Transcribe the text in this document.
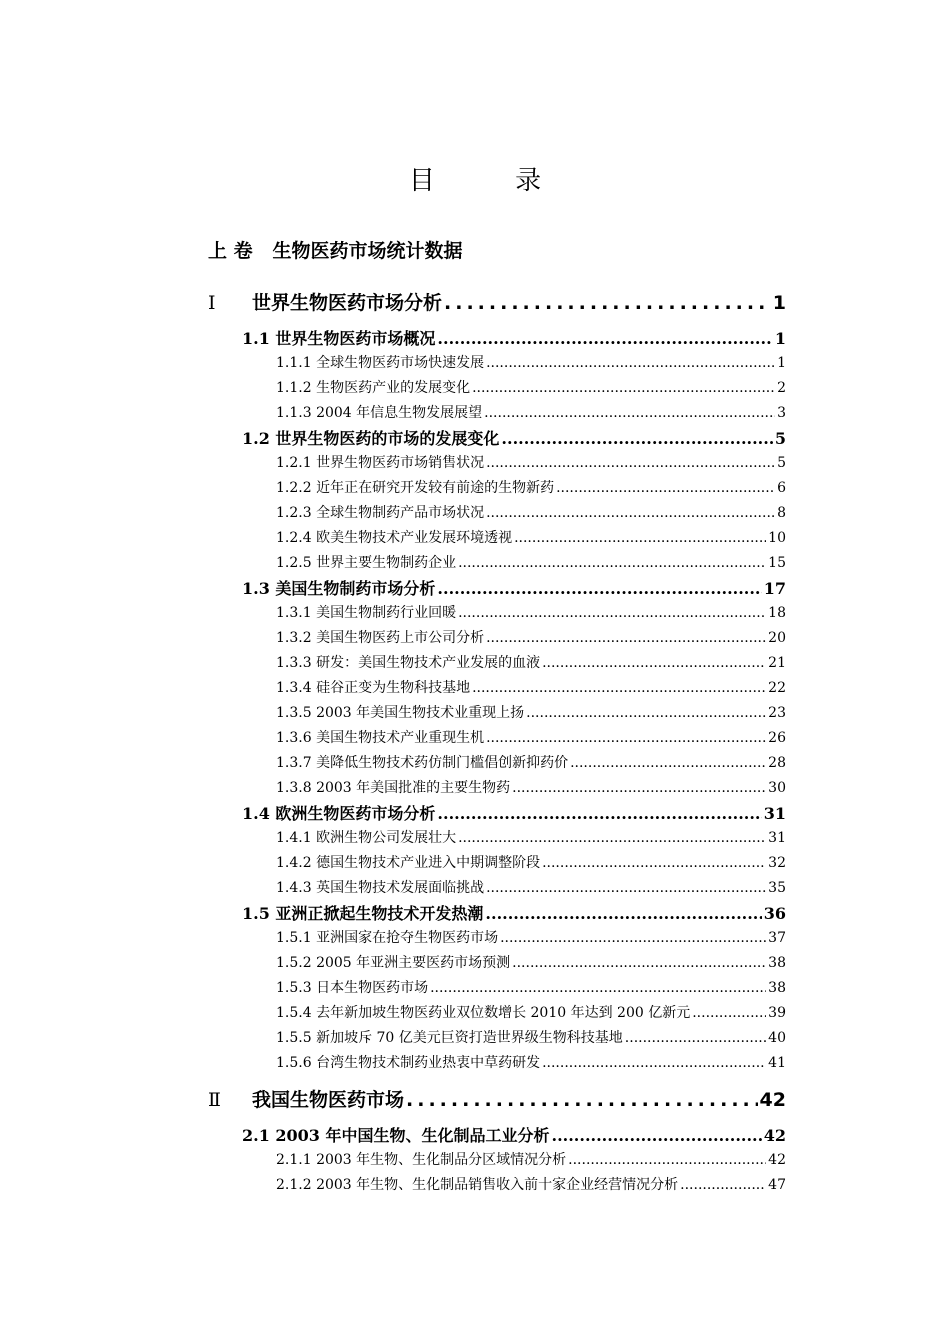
目 录
上 卷   生物医药市场统计数据
Ⅰ 世界生物医药市场分析 .....	1
1.1 世界生物医药市场概况 .....	1
1.1.1 全球生物医药市场快速发展 .....	1
1.1.2 生物医药产业的发展变化 .....	2
1.1.3 2004 年信息生物发展展望 .....	3
1.2 世界生物医药的市场的发展变化 .....	5
1.2.1 世界生物医药市场销售状况 .....	5
1.2.2 近年正在研究开发较有前途的生物新药 .....	6
1.2.3 全球生物制药产品市场状况 .....	8
1.2.4 欧美生物技术产业发展环境透视 .....	10
1.2.5 世界主要生物制药企业 .....	15
1.3 美国生物制药市场分析 .....	17
1.3.1 美国生物制药行业回暖 .....	18
1.3.2 美国生物医药上市公司分析 .....	20
1.3.3 研发：美国生物技术产业发展的血液 .....	21
1.3.4 硅谷正变为生物科技基地 .....	22
1.3.5 2003 年美国生物技术业重现上扬 .....	23
1.3.6 美国生物技术产业重现生机 .....	26
1.3.7 美降低生物技术药仿制门槛倡创新抑药价 .....	28
1.3.8 2003 年美国批准的主要生物药 .....	30
1.4 欧洲生物医药市场分析 .....	31
1.4.1 欧洲生物公司发展壮大 .....	31
1.4.2 德国生物技术产业进入中期调整阶段 .....	32
1.4.3 英国生物技术发展面临挑战 .....	35
1.5 亚洲正掀起生物技术开发热潮 .....	36
1.5.1 亚洲国家在抢夺生物医药市场 .....	37
1.5.2 2005 年亚洲主要医药市场预测 .....	38
1.5.3 日本生物医药市场 .....	38
1.5.4 去年新加坡生物医药业双位数增长 2010 年达到 200 亿新元 .....	39
1.5.5 新加坡斥 70 亿美元巨资打造世界级生物科技基地 .....	40
1.5.6 台湾生物技术制药业热衷中草药研发 .....	41
Ⅱ 我国生物医药市场 .....	42
2.1 2003 年中国生物、生化制品工业分析 .....	42
2.1.1 2003 年生物、生化制品分区域情况分析 .....	42
2.1.2 2003 年生物、生化制品销售收入前十家企业经营情况分析 .....	47
